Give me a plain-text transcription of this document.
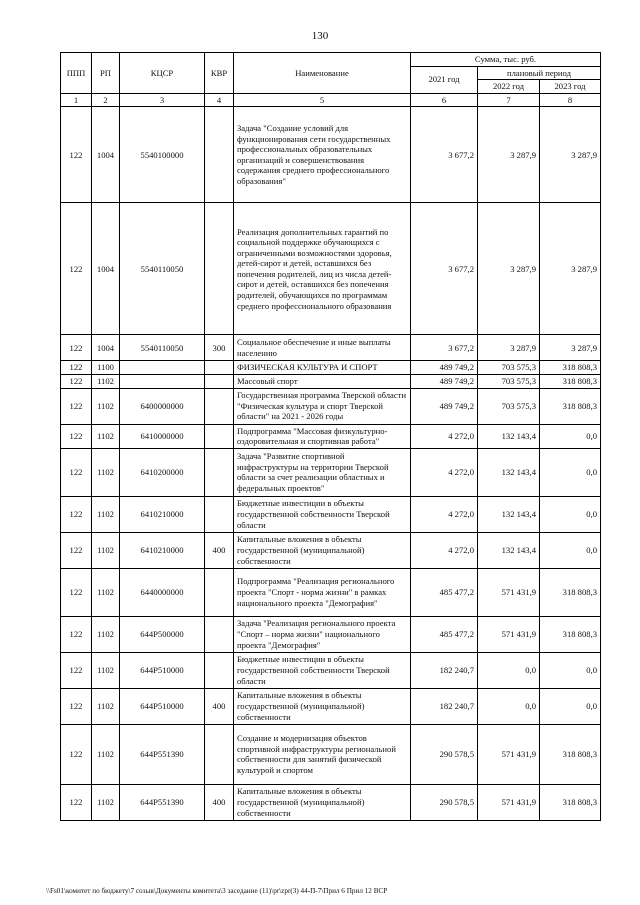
130
ППП	РП	КЦСР	КВР	Наименование	Сумма, тыс. руб.		
					2021 год	плановый период	
						2022 год	2023 год
1	2	3	4	5	6	7	8
122	1004	5540100000		Задача "Создание условий для функционирования сети государственных профессиональных образовательных организаций и совершенствования содержания среднего профессионального образования"	3 677,2	3 287,9	3 287,9
122	1004	5540110050		Реализация дополнительных гарантий по социальной поддержке обучающихся с ограниченными возможностями здоровья, детей-сирот и детей, оставшихся без попечения родителей, лиц из числа детей-сирот и детей, оставшихся без попечения родителей, обучающихся по программам среднего профессионального образования	3 677,2	3 287,9	3 287,9
122	1004	5540110050	300	Социальное обеспечение и иные выплаты населению	3 677,2	3 287,9	3 287,9
122	1100			ФИЗИЧЕСКАЯ КУЛЬТУРА И СПОРТ	489 749,2	703 575,3	318 808,3
122	1102			Массовый спорт	489 749,2	703 575,3	318 808,3
122	1102	6400000000		Государственная программа Тверской области "Физическая культура и спорт Тверской области" на 2021 - 2026 годы	489 749,2	703 575,3	318 808,3
122	1102	6410000000		Подпрограмма "Массовая физкультурно-оздоровительная и спортивная работа"	4 272,0	132 143,4	0,0
122	1102	6410200000		Задача "Развитие спортивной инфраструктуры на территории Тверской области за счет реализации областных и федеральных проектов"	4 272,0	132 143,4	0,0
122	1102	6410210000		Бюджетные инвестиции в объекты государственной собственности Тверской области	4 272,0	132 143,4	0,0
122	1102	6410210000	400	Капитальные вложения в объекты государственной (муниципальной) собственности	4 272,0	132 143,4	0,0
122	1102	6440000000		Подпрограмма "Реализация регионального проекта "Спорт - норма жизни" в рамках национального проекта "Демография"	485 477,2	571 431,9	318 808,3
122	1102	644P500000		Задача "Реализация регионального проекта "Спорт – норма жизни" национального проекта "Демография"	485 477,2	571 431,9	318 808,3
122	1102	644P510000		Бюджетные инвестиции в объекты государственной собственности Тверской области	182 240,7	0,0	0,0
122	1102	644P510000	400	Капитальные вложения в объекты государственной (муниципальной) собственности	182 240,7	0,0	0,0
122	1102	644P551390		Создание и модернизация объектов спортивной инфраструктуры региональной собственности для занятий физической культурой и спортом	290 578,5	571 431,9	318 808,3
122	1102	644P551390	400	Капитальные вложения в объекты государственной (муниципальной) собственности	290 578,5	571 431,9	318 808,3
\\Fs01\комитет по бюджету\7 созыв\Документы комитета\3 заседание (11)\pr\zpr(3) 44-П-7\Прил 6 Прил 12 ВСР
